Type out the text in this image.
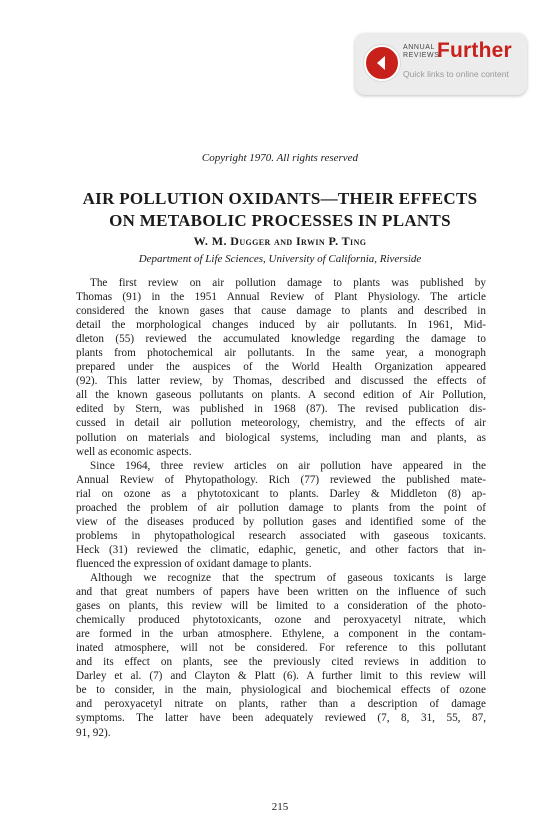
ANNUAL REVIEWS
Further
Quick links to online content
Copyright 1970. All rights reserved
AIR POLLUTION OXIDANTS—THEIR EFFECTS
ON METABOLIC PROCESSES IN PLANTS
W. M. Dugger and Irwin P. Ting
Department of Life Sciences, University of California, Riverside
The first review on air pollution damage to plants was published by
Thomas (91) in the 1951 Annual Review of Plant Physiology. The article
considered the known gases that cause damage to plants and described in
detail the morphological changes induced by air pollutants. In 1961, Mid-
dleton (55) reviewed the accumulated knowledge regarding the damage to
plants from photochemical air pollutants. In the same year, a monograph
prepared under the auspices of the World Health Organization appeared
(92). This latter review, by Thomas, described and discussed the effects of
all the known gaseous pollutants on plants. A second edition of Air Pollution,
edited by Stern, was published in 1968 (87). The revised publication dis-
cussed in detail air pollution meteorology, chemistry, and the effects of air
pollution on materials and biological systems, including man and plants, as
well as economic aspects.
Since 1964, three review articles on air pollution have appeared in the
Annual Review of Phytopathology. Rich (77) reviewed the published mate-
rial on ozone as a phytotoxicant to plants. Darley & Middleton (8) ap-
proached the problem of air pollution damage to plants from the point of
view of the diseases produced by pollution gases and identified some of the
problems in phytopathological research associated with gaseous toxicants.
Heck (31) reviewed the climatic, edaphic, genetic, and other factors that in-
fluenced the expression of oxidant damage to plants.
Although we recognize that the spectrum of gaseous toxicants is large
and that great numbers of papers have been written on the influence of such
gases on plants, this review will be limited to a consideration of the photo-
chemically produced phytotoxicants, ozone and peroxyacetyl nitrate, which
are formed in the urban atmosphere. Ethylene, a component in the contam-
inated atmosphere, will not be considered. For reference to this pollutant
and its effect on plants, see the previously cited reviews in addition to
Darley et al. (7) and Clayton & Platt (6). A further limit to this review will
be to consider, in the main, physiological and biochemical effects of ozone
and peroxyacetyl nitrate on plants, rather than a description of damage
symptoms. The latter have been adequately reviewed (7, 8, 31, 55, 87,
91, 92).
215
